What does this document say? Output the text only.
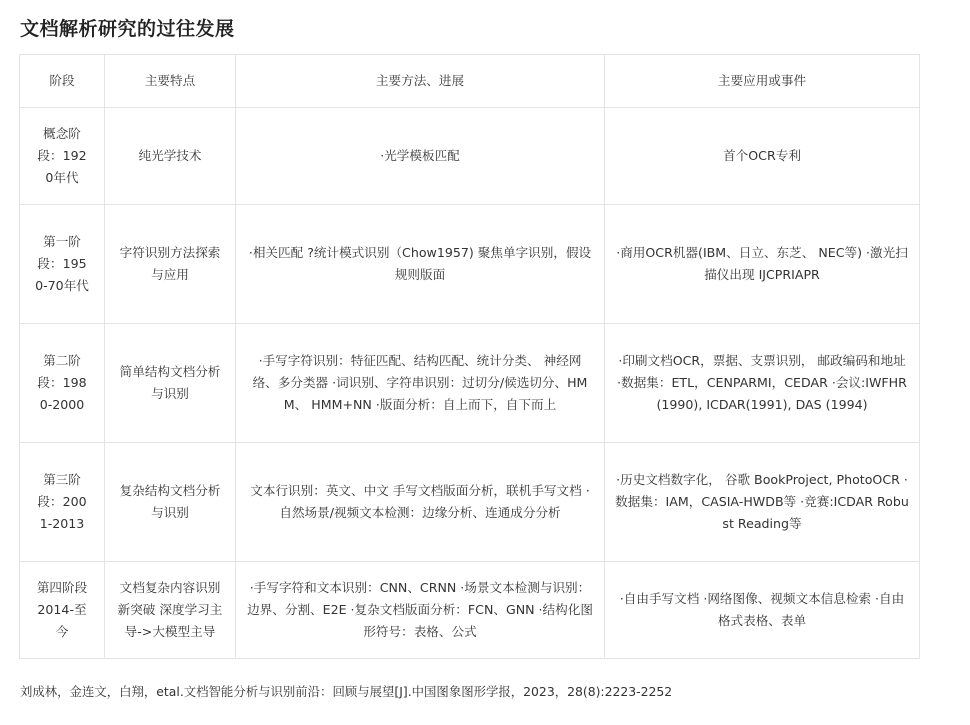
文档解析研究的过往发展
阶段	主要特点	主要方法、进展	主要应用或事件
概念阶段：1920年代	纯光学技术	·光学模板匹配	首个OCR专利
第一阶段：1950-70年代	字符识别方法探索与应用	·相关匹配 ?统计模式识别（Chow1957) 聚焦单字识别，假设规则版面	·商用OCR机器(IBM、日立、东芝、 NEC等) ·激光扫描仪出现 IJCPRIAPR
第二阶段：1980-2000	简单结构文档分析与识别	·手写字符识别：特征匹配、结构匹配、统计分类、 神经网络、多分类器 ·词识别、字符串识别：过切分/候选切分、HMM、 HMM+NN ·版面分析：自上而下，自下而上	·印刷文档OCR，票据、支票识别， 邮政编码和地址 ·数据集：ETL，CENPARMI，CEDAR ·会议:IWFHR(1990), ICDAR(1991), DAS (1994)
第三阶段：2001-2013	复杂结构文档分析与识别	文本行识别：英文、中文 手写文档版面分析，联机手写文档 ·自然场景/视频文本检测：边缘分析、连通成分分析	·历史文档数字化， 谷歌 BookProject, PhotoOCR ·数据集：IAM，CASIA-HWDB等 ·竞赛:ICDAR Robust Reading等
第四阶段 2014-至今	文档复杂内容识别新突破 深度学习主导->大模型主导	·手写字符和文本识别：CNN、CRNN ·场景文本检测与识别：边界、分割、E2E ·复杂文档版面分析：FCN、GNN ·结构化图形符号：表格、公式	·自由手写文档 ·网络图像、视频文本信息检索 ·自由格式表格、表单
刘成林，金连文，白翔，etal.文档智能分析与识别前沿：回顾与展望[J].中国图象图形学报，2023，28(8):2223-2252
